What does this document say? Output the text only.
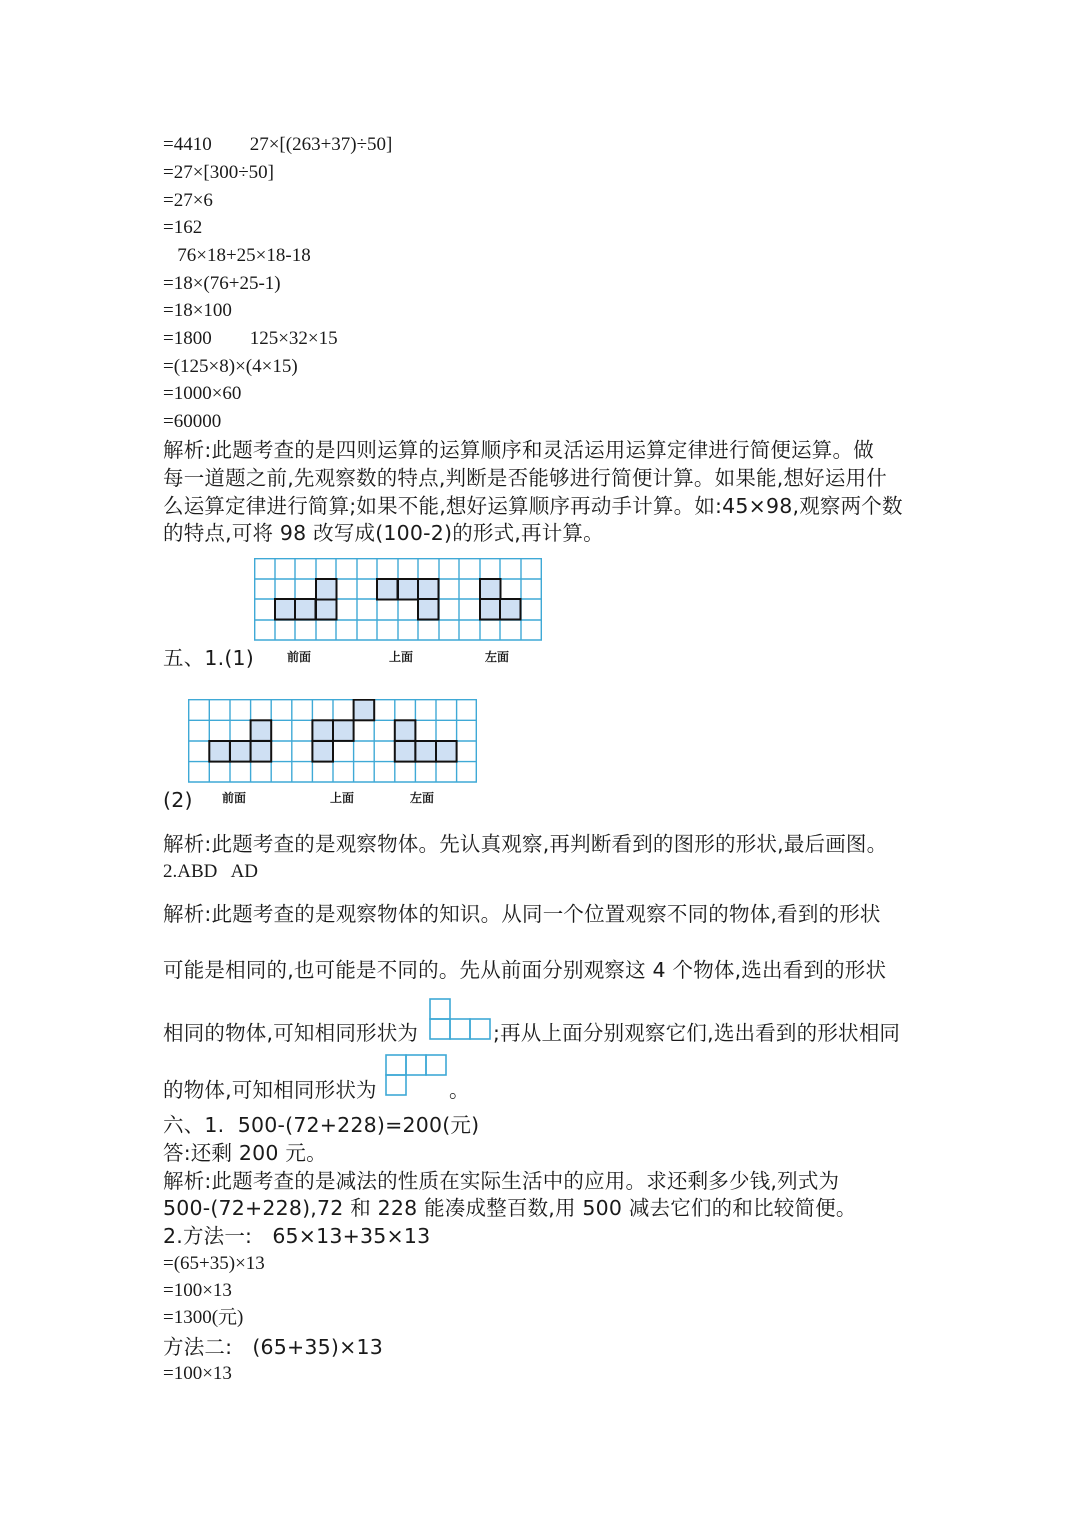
=4410        27×[(263+37)÷50]
=27×[300÷50]
=27×6
=162
76×18+25×18-18
=18×(76+25-1)
=18×100
=1800        125×32×15
=(125×8)×(4×15)
=1000×60
=60000
解析:此题考查的是四则运算的运算顺序和灵活运用运算定律进行简便运算。做
每一道题之前,先观察数的特点,判断是否能够进行简便计算。如果能,想好运用什
么运算定律进行简算;如果不能,想好运算顺序再动手计算。如:45×98,观察两个数
的特点,可将 98 改写成(100-2)的形式,再计算。
五、1.(1)	前面	上面	左面
(2) 前面	上面	左面
解析:此题考查的是观察物体。先认真观察,再判断看到的图形的形状,最后画图。
2.ABD   AD
解析:此题考查的是观察物体的知识。从同一个位置观察不同的物体,看到的形状
可能是相同的,也可能是不同的。先从前面分别观察这 4 个物体,选出看到的形状
相同的物体,可知相同形状为	;再从上面分别观察它们,选出看到的形状相同
的物体,可知相同形状为	。
六、1.  500-(72+228)=200(元)
答:还剩 200 元。
解析:此题考查的是减法的性质在实际生活中的应用。求还剩多少钱,列式为
500-(72+228),72 和 228 能凑成整百数,用 500 减去它们的和比较简便。
2.方法一:   65×13+35×13
=(65+35)×13
=100×13
=1300(元)
方法二:   (65+35)×13
=100×13
